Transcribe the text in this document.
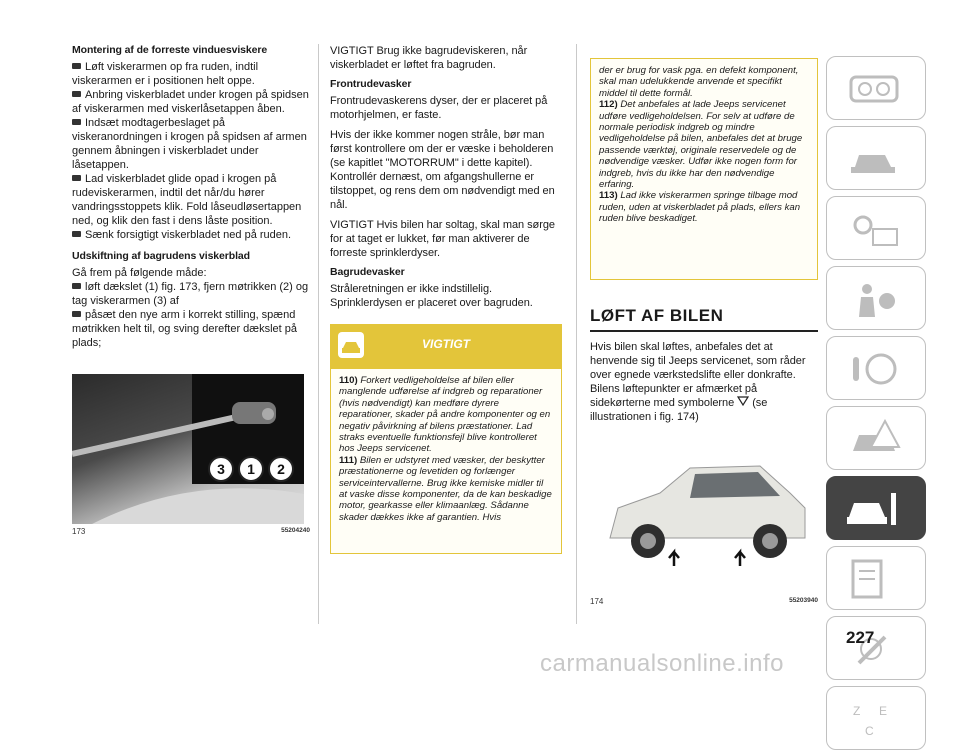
Montering af de forreste vinduesviskere

Løft viskerarmen op fra ruden, indtil viskerarmen er i positionen helt oppe.

Anbring viskerbladet under krogen på spidsen af viskerarmen med viskerlåsetappen åben.

Indsæt modtagerbeslaget på viskeranordningen i krogen på spidsen af armen gennem åbningen i viskerbladet under låsetappen.

Lad viskerbladet glide opad i krogen på rudeviskerarmen, indtil det når/du hører vandringsstoppets klik. Fold låseudløsertappen ned, og klik den fast i dens låste position.

Sænk forsigtigt viskerbladet ned på ruden.

Udskiftning af bagrudens viskerblad

Gå frem på følgende måde:

løft dækslet (1) fig. 173, fjern møtrikken (2) og tag viskerarmen (3) af

påsæt den nye arm i korrekt stilling, spænd møtrikken helt til, og sving derefter dækslet på plads;

3	1	2
173	55204240

VIGTIGT Brug ikke bagrudeviskeren, når viskerbladet er løftet fra bagruden.

Frontrudevasker

Frontrudevaskerens dyser, der er placeret på motorhjelmen, er faste.

Hvis der ikke kommer nogen stråle, bør man først kontrollere om der er væske i beholderen (se kapitlet "MOTORRUM" i dette kapitel). Kontrollér dernæst, om afgangshullerne er tilstoppet, og rens dem om nødvendigt med en nål.

VIGTIGT Hvis bilen har soltag, skal man sørge for at taget er lukket, før man aktiverer de forreste sprinklerdyser.

Bagrudevasker

Stråleretningen er ikke indstillelig. Sprinklerdysen er placeret over bagruden.

VIGTIGT

110) Forkert vedligeholdelse af bilen eller manglende udførelse af indgreb og reparationer (hvis nødvendigt) kan medføre dyrere reparationer, skader på andre komponenter og en negativ påvirkning af bilens præstationer. Lad straks eventuelle funktionsfejl blive kontrolleret hos Jeeps servicenet.

111) Bilen er udstyret med væsker, der beskytter præstationerne og levetiden og forlænger serviceintervallerne. Brug ikke kemiske midler til at vaske disse komponenter, da de kan beskadige motor, gearkasse eller klimaanlæg. Sådanne skader dækkes ikke af garantien. Hvis

der er brug for vask pga. en defekt komponent, skal man udelukkende anvende et specifikt middel til dette formål.

112) Det anbefales at lade Jeeps servicenet udføre vedligeholdelsen. For selv at udføre de normale periodisk indgreb og mindre vedligeholdelse på bilen, anbefales det at bruge passende værktøj, originale reservedele og de nødvendige væsker. Udfør ikke nogen form for indgreb, hvis du ikke har den nødvendige erfaring.

113) Lad ikke viskerarmen springe tilbage mod ruden, uden at viskerbladet på plads, ellers kan ruden blive beskadiget.

LØFT AF BILEN

Hvis bilen skal løftes, anbefales det at henvende sig til Jeeps servicenet, som råder over egnede værkstedslifte eller donkrafte.

Bilens løftepunkter er afmærket på sidekørterne med symbolerne (se illustrationen i fig. 174)

174	55203940
Z E
C
227
carmanualsonline.info
